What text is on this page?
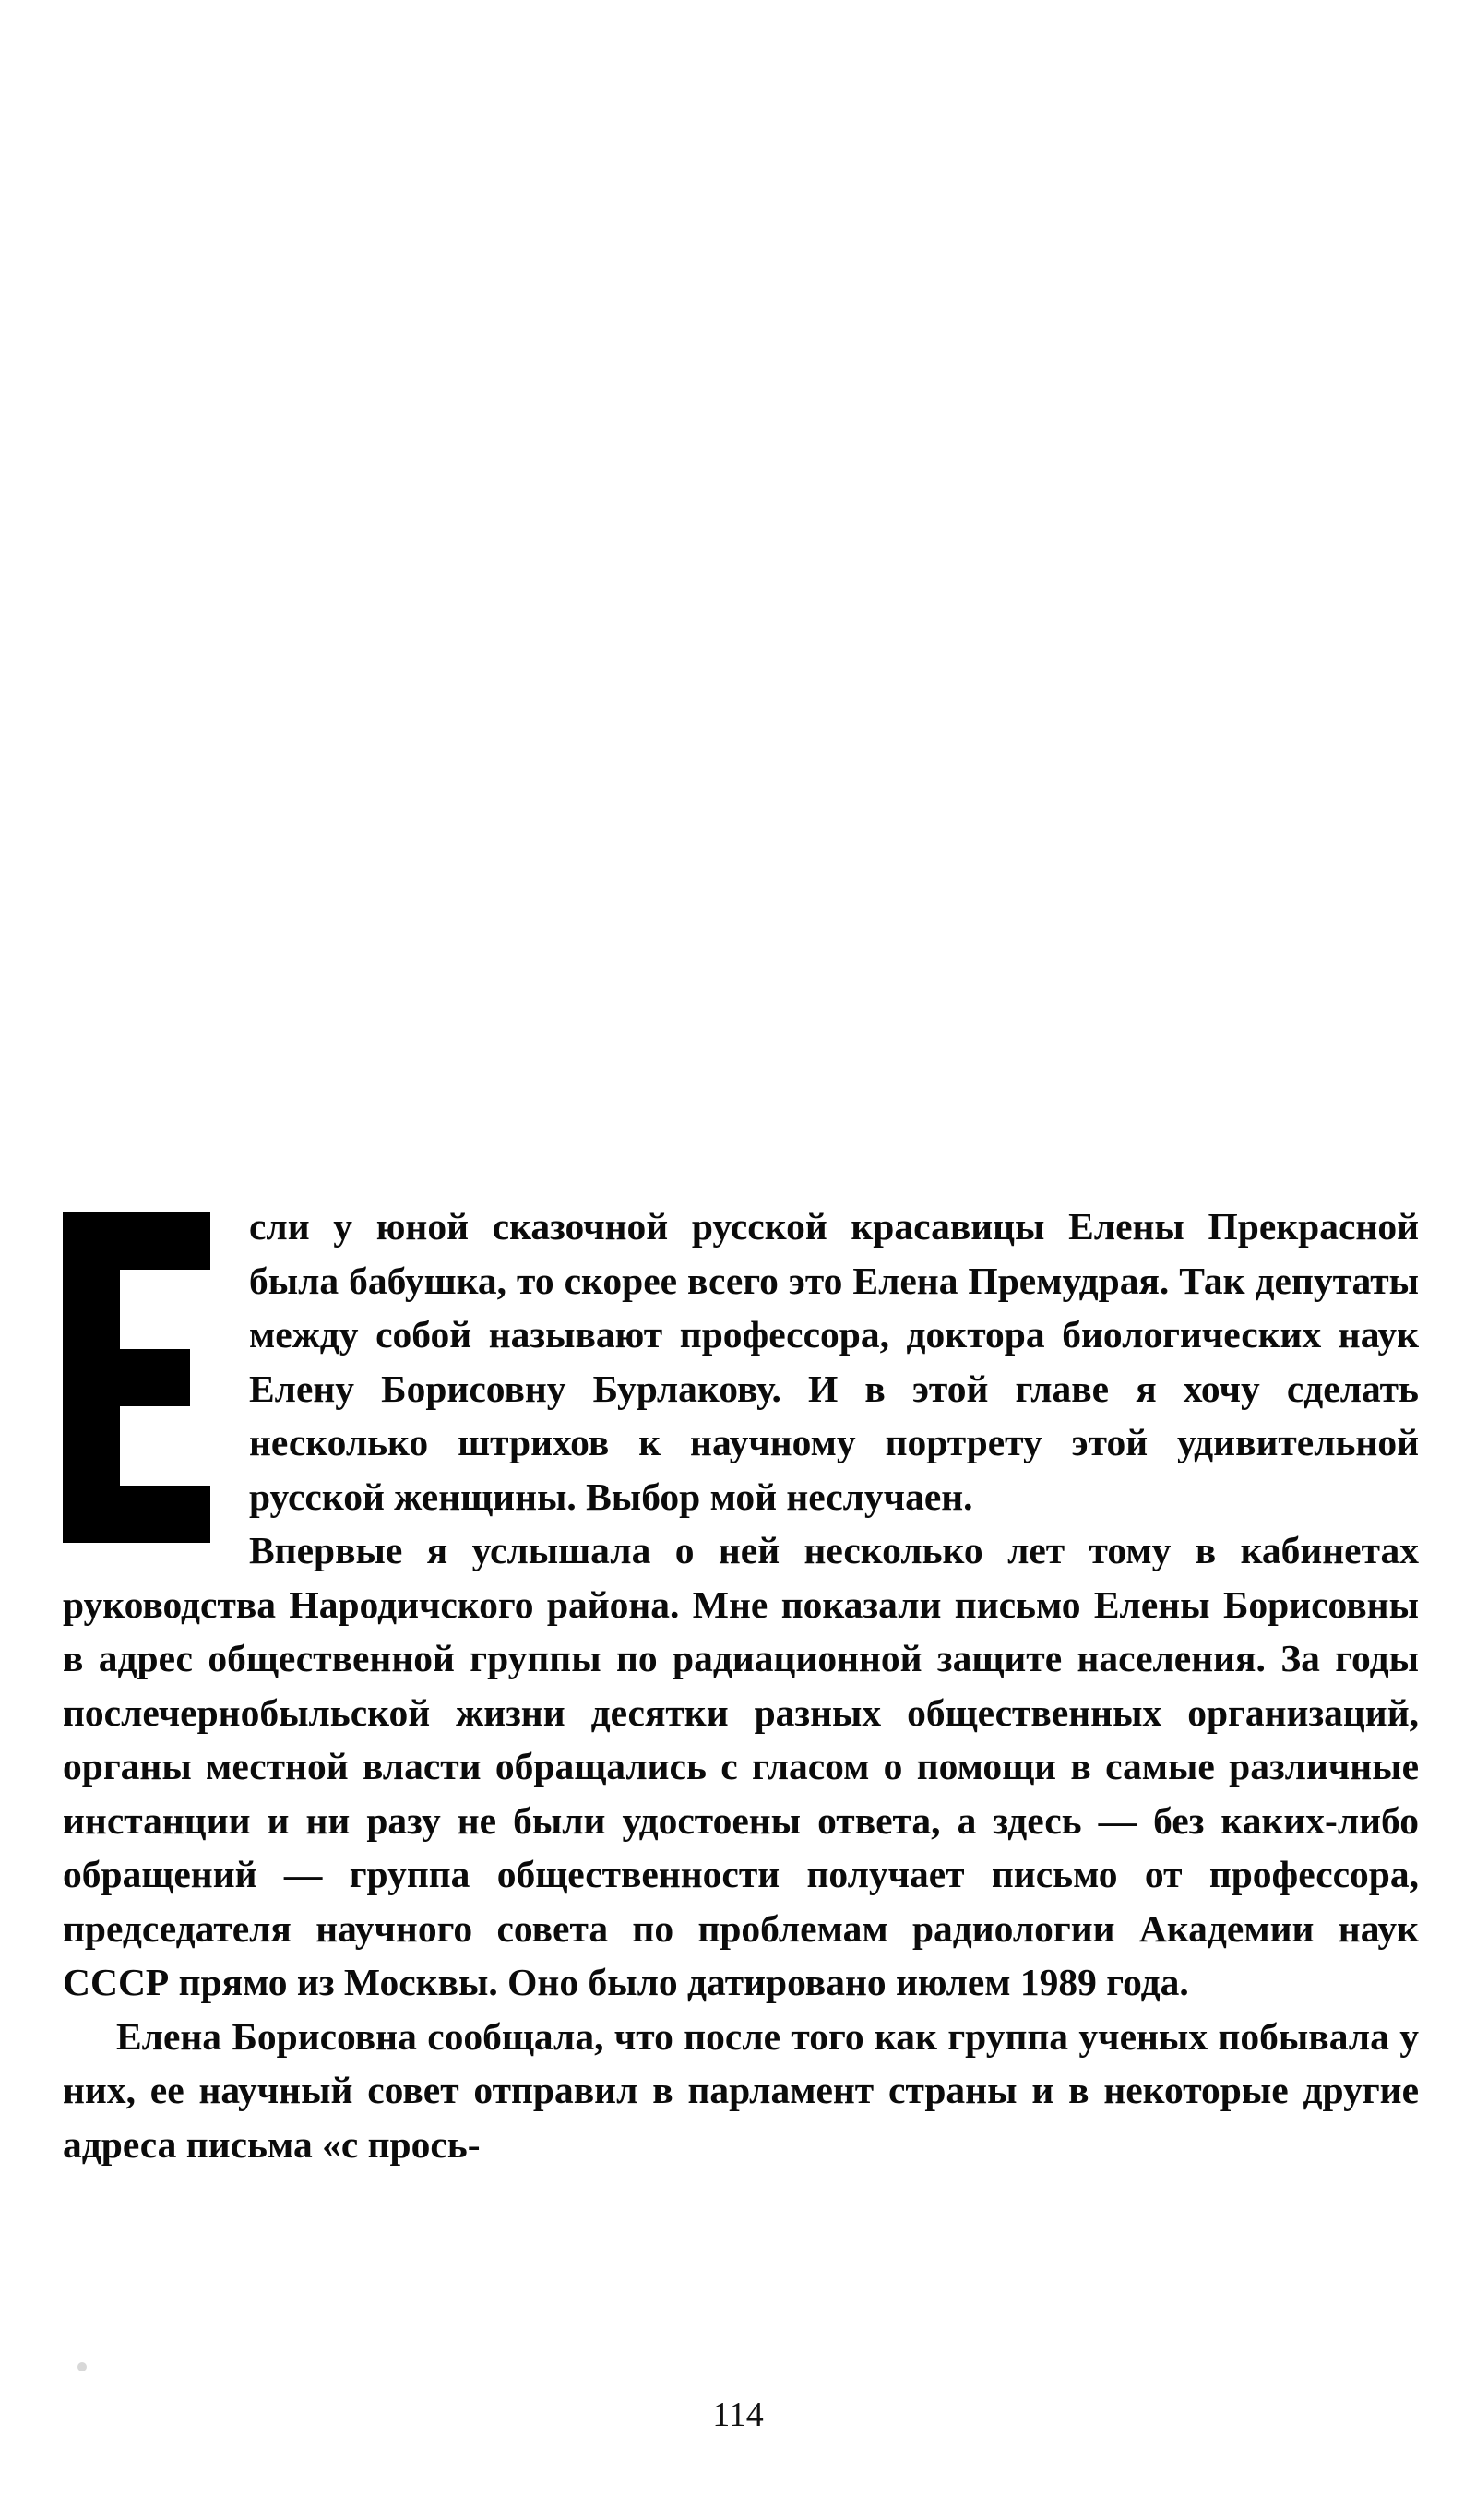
сли у юной сказочной русской красавицы Елены Прекрасной была бабушка, то скорее всего это Елена Премудрая. Так депутаты между собой называют профессора, доктора биологических наук Елену Борисовну Бурлакову. И в этой главе я хочу сделать несколько штрихов к научному портрету этой удивительной русской женщины. Выбор мой неслучаен.

Впервые я услышала о ней несколько лет тому в кабинетах руководства Народичского района. Мне показали письмо Елены Борисовны в адрес общественной группы по радиационной защите населения. За годы послечернобыльской жизни десятки разных общественных организаций, органы местной власти обращались с гласом о помощи в самые различные инстанции и ни разу не были удостоены ответа, а здесь — без каких-либо обращений — группа общественности получает письмо от профессора, председателя научного совета по проблемам радиологии Академии наук СССР прямо из Москвы. Оно было датировано июлем 1989 года.

Елена Борисовна сообщала, что после того как группа ученых побывала у них, ее научный совет отправил в парламент страны и в некоторые другие адреса письма «с прось-

114
